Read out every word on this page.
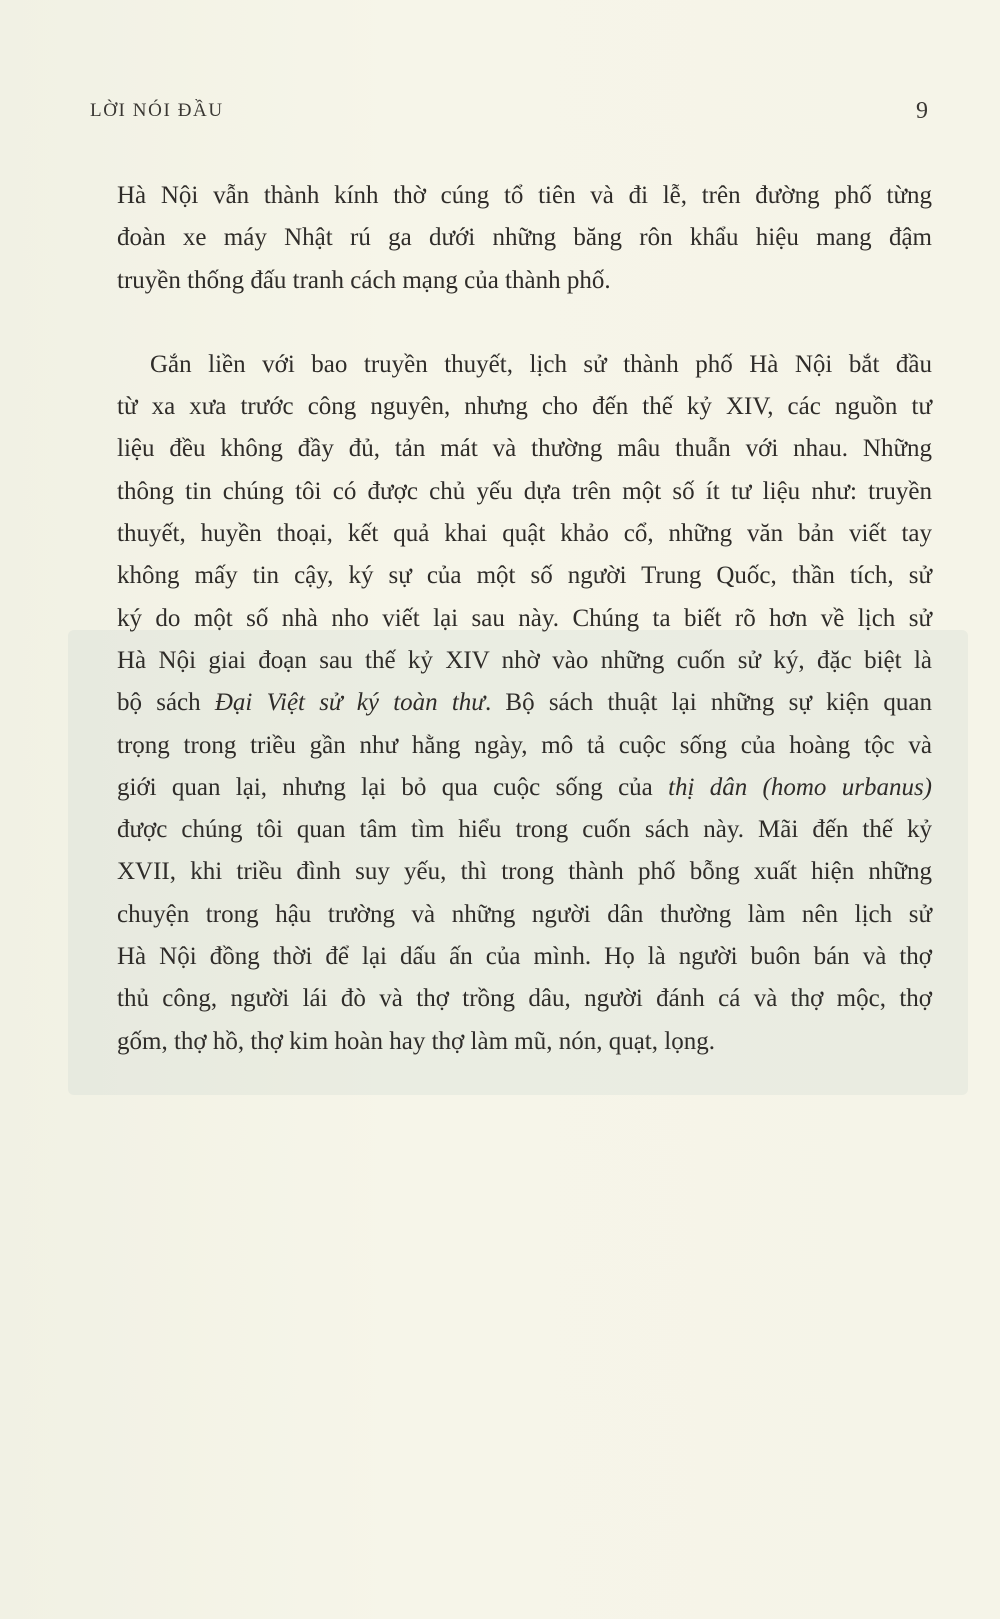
LỜI NÓI ĐẦU	9
Hà Nội vẫn thành kính thờ cúng tổ tiên và đi lễ, trên đường phố từng
đoàn xe máy Nhật rú ga dưới những băng rôn khẩu hiệu mang đậm
truyền thống đấu tranh cách mạng của thành phố.
Gắn liền với bao truyền thuyết, lịch sử thành phố Hà Nội bắt đầu
từ xa xưa trước công nguyên, nhưng cho đến thế kỷ XIV, các nguồn tư
liệu đều không đầy đủ, tản mát và thường mâu thuẫn với nhau. Những
thông tin chúng tôi có được chủ yếu dựa trên một số ít tư liệu như: truyền
thuyết, huyền thoại, kết quả khai quật khảo cổ, những văn bản viết tay
không mấy tin cậy, ký sự của một số người Trung Quốc, thần tích, sử
ký do một số nhà nho viết lại sau này. Chúng ta biết rõ hơn về lịch sử
Hà Nội giai đoạn sau thế kỷ XIV nhờ vào những cuốn sử ký, đặc biệt là
bộ sách Đại Việt sử ký toàn thư. Bộ sách thuật lại những sự kiện quan
trọng trong triều gần như hằng ngày, mô tả cuộc sống của hoàng tộc và
giới quan lại, nhưng lại bỏ qua cuộc sống của thị dân (homo urbanus)
được chúng tôi quan tâm tìm hiểu trong cuốn sách này. Mãi đến thế kỷ
XVII, khi triều đình suy yếu, thì trong thành phố bỗng xuất hiện những
chuyện trong hậu trường và những người dân thường làm nên lịch sử
Hà Nội đồng thời để lại dấu ấn của mình. Họ là người buôn bán và thợ
thủ công, người lái đò và thợ trồng dâu, người đánh cá và thợ mộc, thợ
gốm, thợ hồ, thợ kim hoàn hay thợ làm mũ, nón, quạt, lọng.
